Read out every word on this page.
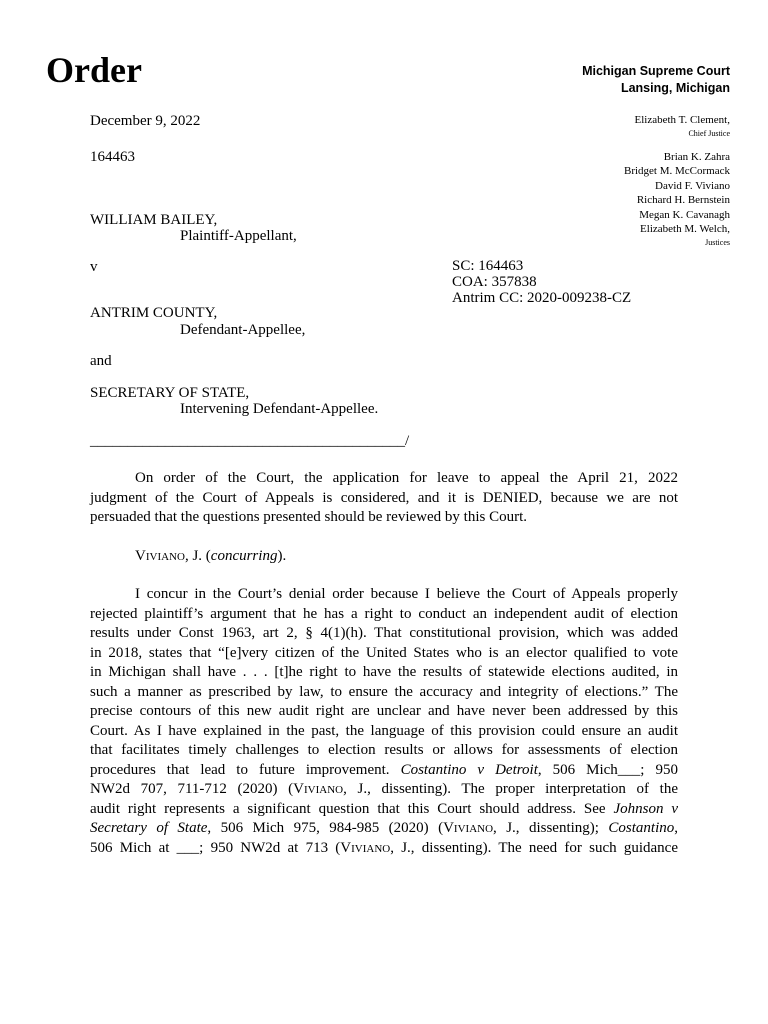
Order	Michigan Supreme Court
Lansing, Michigan
Elizabeth T. Clement,
Chief Justice
Brian K. Zahra
Bridget M. McCormack
David F. Viviano
Richard H. Bernstein
Megan K. Cavanagh
Elizabeth M. Welch,
Justices
December 9, 2022
164463
WILLIAM BAILEY,
Plaintiff-Appellant,
v	SC: 164463
COA: 357838
Antrim CC: 2020-009238-CZ
ANTRIM COUNTY,
Defendant-Appellee,
and
SECRETARY OF STATE,
Intervening Defendant-Appellee.
__________________________________________/
On order of the Court, the application for leave to appeal the April 21, 2022
judgment of the Court of Appeals is considered, and it is DENIED, because we are not
persuaded that the questions presented should be reviewed by this Court.
Viviano, J. (concurring).
I concur in the Court’s denial order because I believe the Court of Appeals properly
rejected plaintiff’s argument that he has a right to conduct an independent audit of election
results under Const 1963, art 2, § 4(1)(h). That constitutional provision, which was added
in 2018, states that “[e]very citizen of the United States who is an elector qualified to vote
in Michigan shall have . . . [t]he right to have the results of statewide elections audited, in
such a manner as prescribed by law, to ensure the accuracy and integrity of elections.” The
precise contours of this new audit right are unclear and have never been addressed by this
Court. As I have explained in the past, the language of this provision could ensure an audit
that facilitates timely challenges to election results or allows for assessments of election
procedures that lead to future improvement. Costantino v Detroit, 506 Mich___; 950
NW2d 707, 711-712 (2020) (Viviano, J., dissenting). The proper interpretation of the
audit right represents a significant question that this Court should address. See Johnson v
Secretary of State, 506 Mich 975, 984-985 (2020) (Viviano, J., dissenting); Costantino,
506 Mich at ___; 950 NW2d at 713 (Viviano, J., dissenting). The need for such guidance
